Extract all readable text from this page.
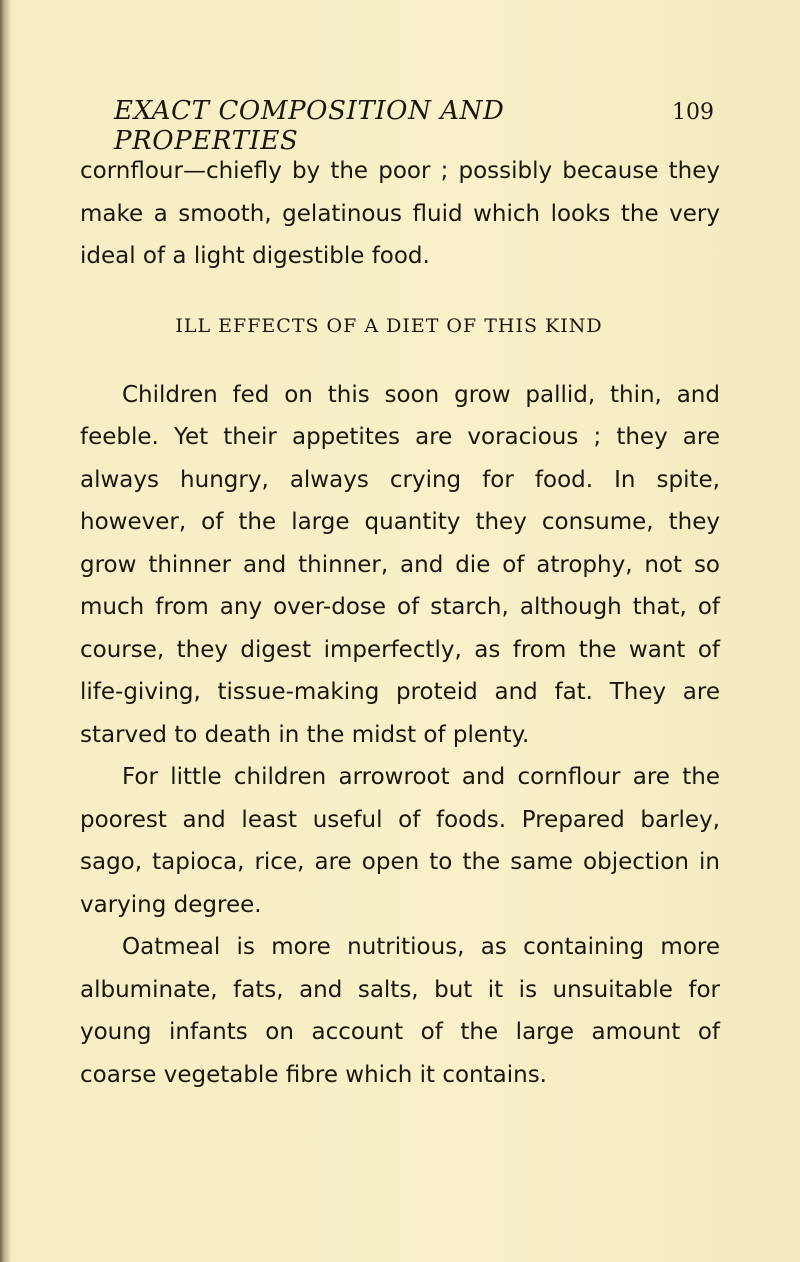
EXACT COMPOSITION AND PROPERTIES
109
cornflour—chiefly by the poor ; possibly because they
make a smooth, gelatinous fluid which looks the very
ideal of a light digestible food.
ILL EFFECTS OF A DIET OF THIS KIND
Children fed on this soon grow pallid, thin, and
feeble. Yet their appetites are voracious ; they are
always hungry, always crying for food. In spite,
however, of the large quantity they consume, they
grow thinner and thinner, and die of atrophy, not so
much from any over-dose of starch, although that, of
course, they digest imperfectly, as from the want of
life-giving, tissue-making proteid and fat. They are
starved to death in the midst of plenty.
For little children arrowroot and cornflour are the
poorest and least useful of foods. Prepared barley,
sago, tapioca, rice, are open to the same objection in
varying degree.
Oatmeal is more nutritious, as containing more
albuminate, fats, and salts, but it is unsuitable for
young infants on account of the large amount of
coarse vegetable fibre which it contains.
